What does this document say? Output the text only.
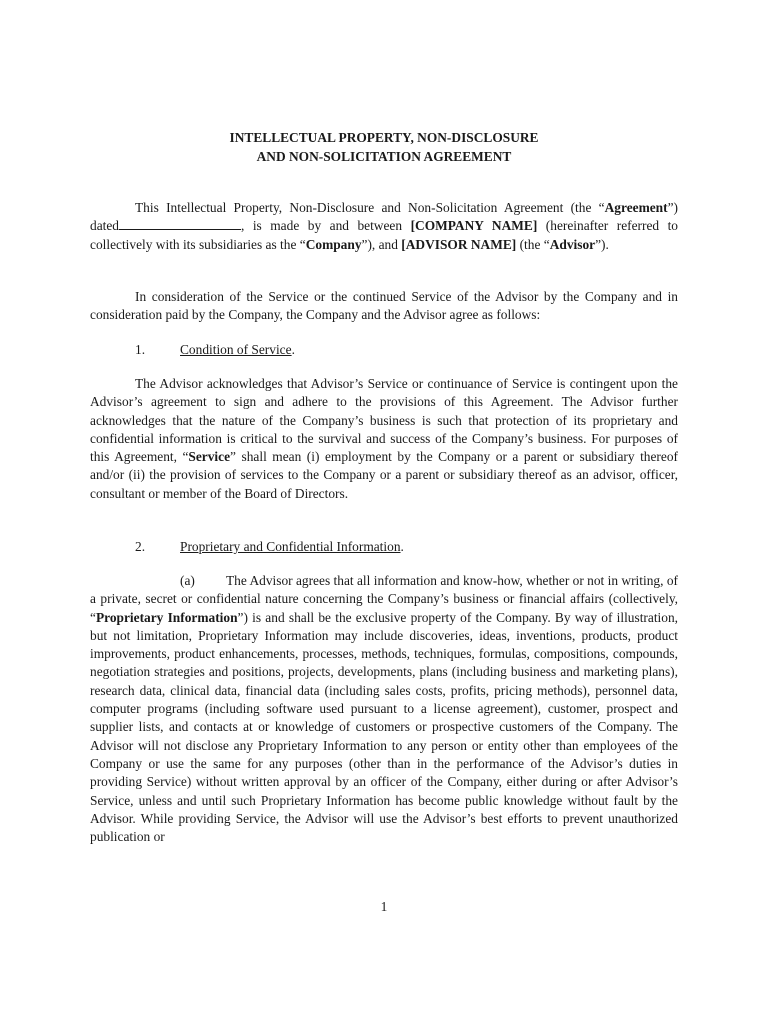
INTELLECTUAL PROPERTY, NON-DISCLOSURE
AND NON-SOLICITATION AGREEMENT

This Intellectual Property, Non-Disclosure and Non-Solicitation Agreement (the “Agreement”) dated	, is made by and between [COMPANY NAME] (hereinafter referred to collectively with its subsidiaries as the “Company”), and [ADVISOR NAME] (the “Advisor”).

In consideration of the Service or the continued Service of the Advisor by the Company and in consideration paid by the Company, the Company and the Advisor agree as follows:

1.	Condition of Service.

The Advisor acknowledges that Advisor’s Service or continuance of Service is contingent upon the Advisor’s agreement to sign and adhere to the provisions of this Agreement. The Advisor further acknowledges that the nature of the Company’s business is such that protection of its proprietary and confidential information is critical to the survival and success of the Company’s business. For purposes of this Agreement, “Service” shall mean (i) employment by the Company or a parent or subsidiary thereof and/or (ii) the provision of services to the Company or a parent or subsidiary thereof as an advisor, officer, consultant or member of the Board of Directors.

2.	Proprietary and Confidential Information.

(a) The Advisor agrees that all information and know-how, whether or not in writing, of a private, secret or confidential nature concerning the Company’s business or financial affairs (collectively, “Proprietary Information”) is and shall be the exclusive property of the Company. By way of illustration, but not limitation, Proprietary Information may include discoveries, ideas, inventions, products, product improvements, product enhancements, processes, methods, techniques, formulas, compositions, compounds, negotiation strategies and positions, projects, developments, plans (including business and marketing plans), research data, clinical data, financial data (including sales costs, profits, pricing methods), personnel data, computer programs (including software used pursuant to a license agreement), customer, prospect and supplier lists, and contacts at or knowledge of customers or prospective customers of the Company. The Advisor will not disclose any Proprietary Information to any person or entity other than employees of the Company or use the same for any purposes (other than in the performance of the Advisor’s duties in providing Service) without written approval by an officer of the Company, either during or after Advisor’s Service, unless and until such Proprietary Information has become public knowledge without fault by the Advisor. While providing Service, the Advisor will use the Advisor’s best efforts to prevent unauthorized publication or

1
